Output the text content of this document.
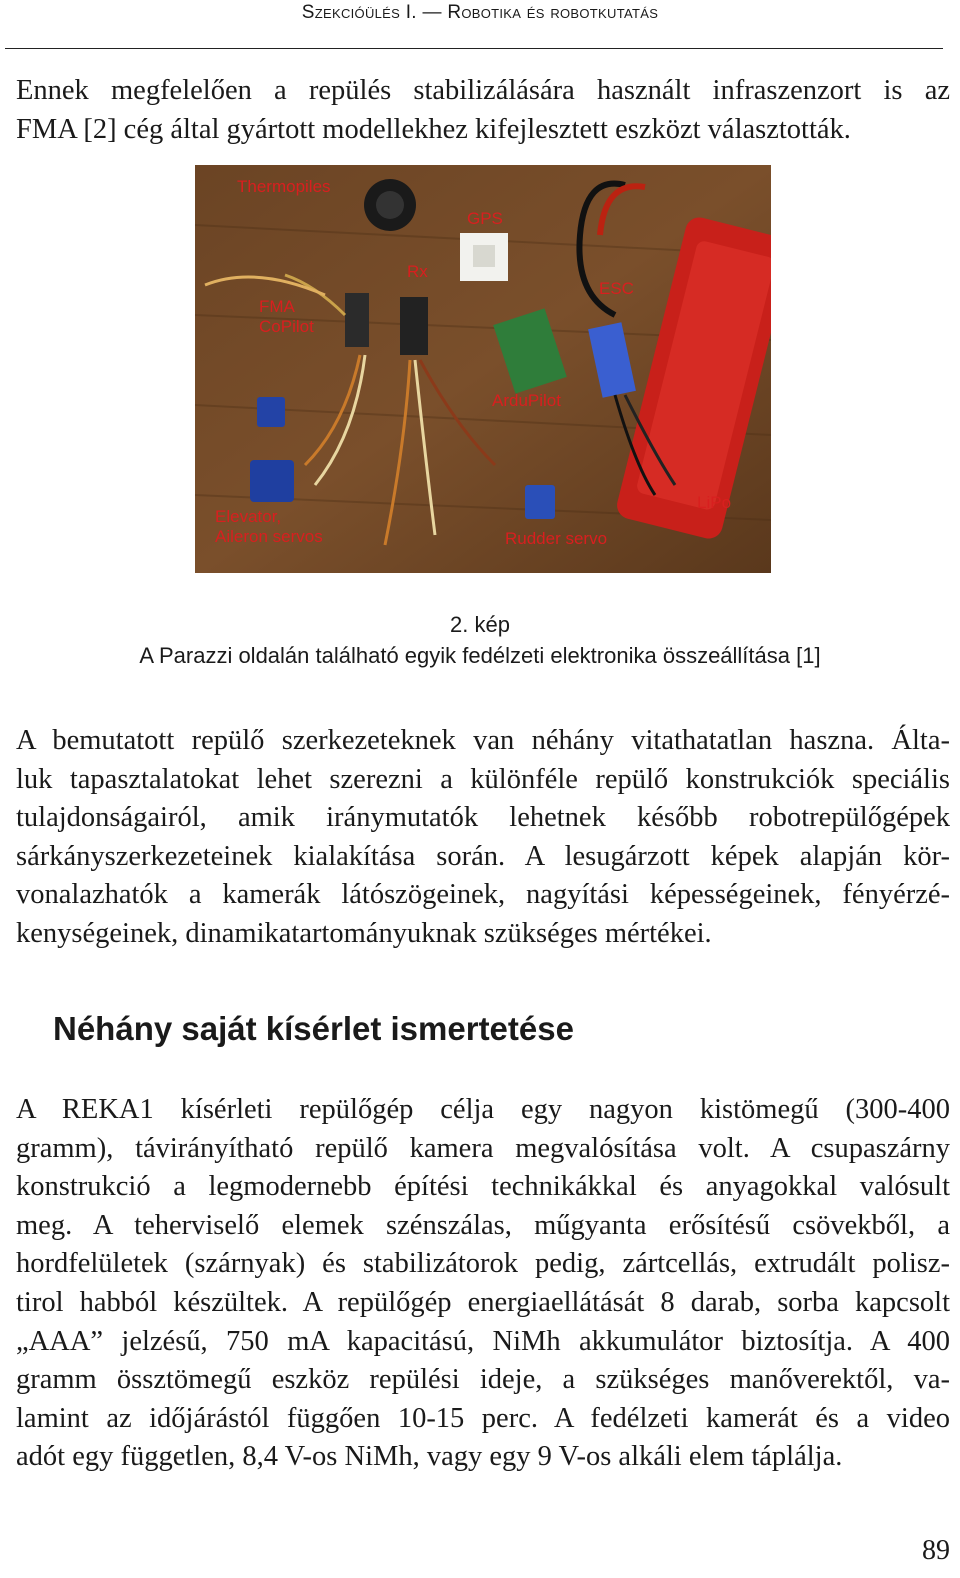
Szekcióülés I. — Robotika és robotkutatás
Ennek megfelelően a repülés stabilizálására használt infraszenzort is az
FMA [2] cég által gyártott modellekhez kifejlesztett eszközt választották.
Thermopiles
GPS
Rx
ESC
FMA
CoPilot
ArduPilot
LiPo
Elevator,
Aileron servos	Rudder servo
2. kép
A Parazzi oldalán található egyik fedélzeti elektronika összeállítása [1]
A bemutatott repülő szerkezeteknek van néhány vitathatatlan haszna. Álta-
luk tapasztalatokat lehet szerezni a különféle repülő konstrukciók speciális
tulajdonságairól, amik iránymutatók lehetnek később robotrepülőgépek
sárkányszerkezeteinek kialakítása során. A lesugárzott képek alapján kör-
vonalazhatók a kamerák látószögeinek, nagyítási képességeinek, fényérzé-
kenységeinek, dinamikatartományuknak szükséges mértékei.
Néhány saját kísérlet ismertetése
A REKA1 kísérleti repülőgép célja egy nagyon kistömegű (300-400
gramm), távirányítható repülő kamera megvalósítása volt. A csupaszárny
konstrukció a legmodernebb építési technikákkal és anyagokkal valósult
meg. A teherviselő elemek szénszálas, műgyanta erősítésű csövekből, a
hordfelületek (szárnyak) és stabilizátorok pedig, zártcellás, extrudált polisz-
tirol habból készültek. A repülőgép energiaellátását 8 darab, sorba kapcsolt
„AAA” jelzésű, 750 mA kapacitású, NiMh akkumulátor biztosítja. A 400
gramm össztömegű eszköz repülési ideje, a szükséges manőverektől, va-
lamint az időjárástól függően 10-15 perc. A fedélzeti kamerát és a video
adót egy független, 8,4 V-os NiMh, vagy egy 9 V-os alkáli elem táplálja.
89
